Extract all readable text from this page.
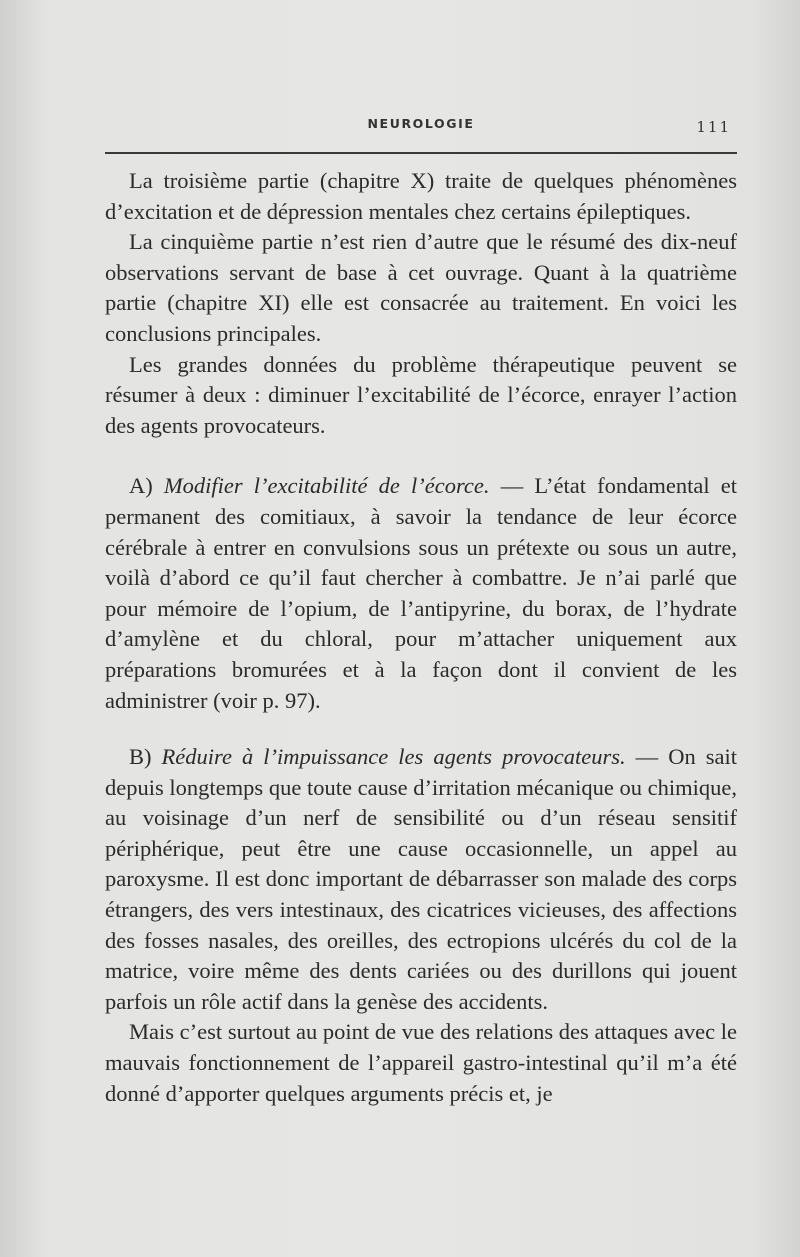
NEUROLOGIE	111

La troisième partie (chapitre X) traite de quelques phénomènes d’excitation et de dépression mentales chez certains épileptiques.

La cinquième partie n’est rien d’autre que le résumé des dix-neuf observations servant de base à cet ouvrage. Quant à la quatrième partie (chapitre XI) elle est consacrée au traitement. En voici les conclusions principales.

Les grandes données du problème thérapeutique peuvent se résumer à deux : diminuer l’excitabilité de l’écorce, enrayer l’action des agents provocateurs.

A) Modifier l’excitabilité de l’écorce. — L’état fondamental et permanent des comitiaux, à savoir la tendance de leur écorce cérébrale à entrer en convulsions sous un prétexte ou sous un autre, voilà d’abord ce qu’il faut chercher à combattre. Je n’ai parlé que pour mémoire de l’opium, de l’antipyrine, du borax, de l’hydrate d’amylène et du chloral, pour m’attacher uniquement aux préparations bromurées et à la façon dont il convient de les administrer (voir p. 97).

B) Réduire à l’impuissance les agents provocateurs. — On sait depuis longtemps que toute cause d’irritation mécanique ou chimique, au voisinage d’un nerf de sensibilité ou d’un réseau sensitif périphérique, peut être une cause occasionnelle, un appel au paroxysme. Il est donc important de débarrasser son malade des corps étrangers, des vers intestinaux, des cicatrices vicieuses, des affections des fosses nasales, des oreilles, des ectropions ulcérés du col de la matrice, voire même des dents cariées ou des durillons qui jouent parfois un rôle actif dans la genèse des accidents.

Mais c’est surtout au point de vue des relations des attaques avec le mauvais fonctionnement de l’appareil gastro-intestinal qu’il m’a été donné d’apporter quelques arguments précis et, je
